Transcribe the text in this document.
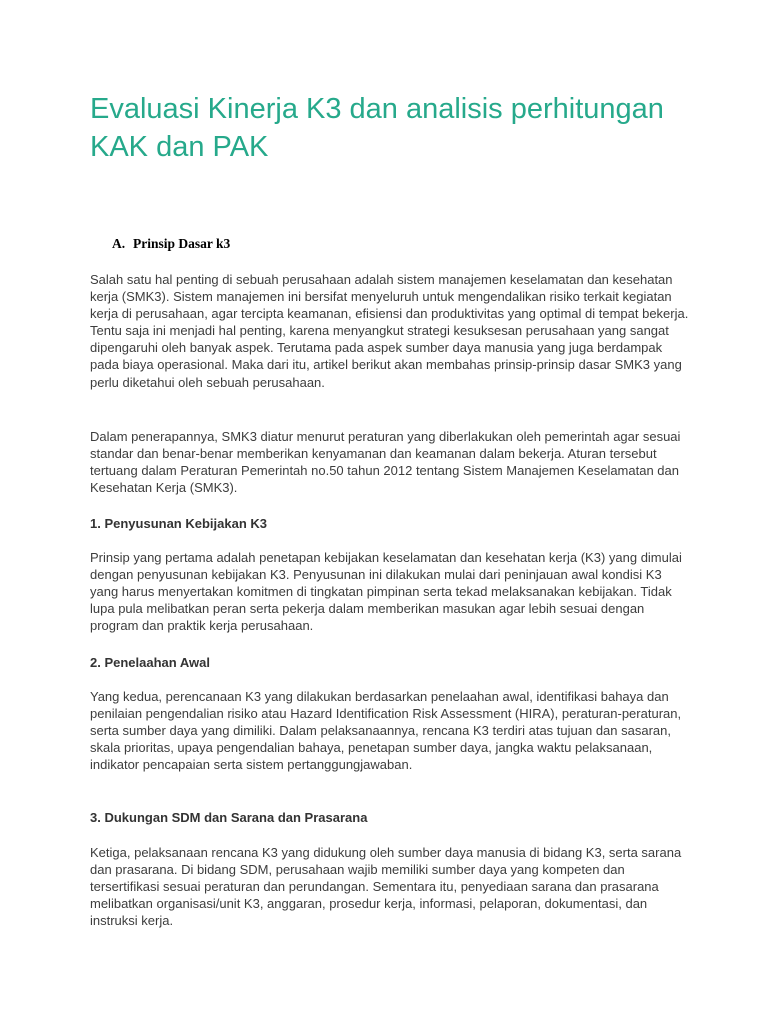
Evaluasi Kinerja K3 dan analisis perhitungan KAK dan PAK
A. Prinsip Dasar k3

Salah satu hal penting di sebuah perusahaan adalah sistem manajemen keselamatan dan kesehatan kerja (SMK3). Sistem manajemen ini bersifat menyeluruh untuk mengendalikan risiko terkait kegiatan kerja di perusahaan, agar tercipta keamanan, efisiensi dan produktivitas yang optimal di tempat bekerja. Tentu saja ini menjadi hal penting, karena menyangkut strategi kesuksesan perusahaan yang sangat dipengaruhi oleh banyak aspek. Terutama pada aspek sumber daya manusia yang juga berdampak pada biaya operasional. Maka dari itu, artikel berikut akan membahas prinsip-prinsip dasar SMK3 yang perlu diketahui oleh sebuah perusahaan.

Dalam penerapannya, SMK3 diatur menurut peraturan yang diberlakukan oleh pemerintah agar sesuai standar dan benar-benar memberikan kenyamanan dan keamanan dalam bekerja. Aturan tersebut tertuang dalam Peraturan Pemerintah no.50 tahun 2012 tentang Sistem Manajemen Keselamatan dan Kesehatan Kerja (SMK3).

1. Penyusunan Kebijakan K3

Prinsip yang pertama adalah penetapan kebijakan keselamatan dan kesehatan kerja (K3) yang dimulai dengan penyusunan kebijakan K3. Penyusunan ini dilakukan mulai dari peninjauan awal kondisi K3 yang harus menyertakan komitmen di tingkatan pimpinan serta tekad melaksanakan kebijakan. Tidak lupa pula melibatkan peran serta pekerja dalam memberikan masukan agar lebih sesuai dengan program dan praktik kerja perusahaan.

2. Penelaahan Awal

Yang kedua, perencanaan K3 yang dilakukan berdasarkan penelaahan awal, identifikasi bahaya dan penilaian pengendalian risiko atau Hazard Identification Risk Assessment (HIRA), peraturan-peraturan, serta sumber daya yang dimiliki. Dalam pelaksanaannya, rencana K3 terdiri atas tujuan dan sasaran, skala prioritas, upaya pengendalian bahaya, penetapan sumber daya, jangka waktu pelaksanaan, indikator pencapaian serta sistem pertanggungjawaban.

3. Dukungan SDM dan Sarana dan Prasarana

Ketiga, pelaksanaan rencana K3 yang didukung oleh sumber daya manusia di bidang K3, serta sarana dan prasarana. Di bidang SDM, perusahaan wajib memiliki sumber daya yang kompeten dan tersertifikasi sesuai peraturan dan perundangan. Sementara itu, penyediaan sarana dan prasarana melibatkan organisasi/unit K3, anggaran, prosedur kerja, informasi, pelaporan, dokumentasi, dan instruksi kerja.
